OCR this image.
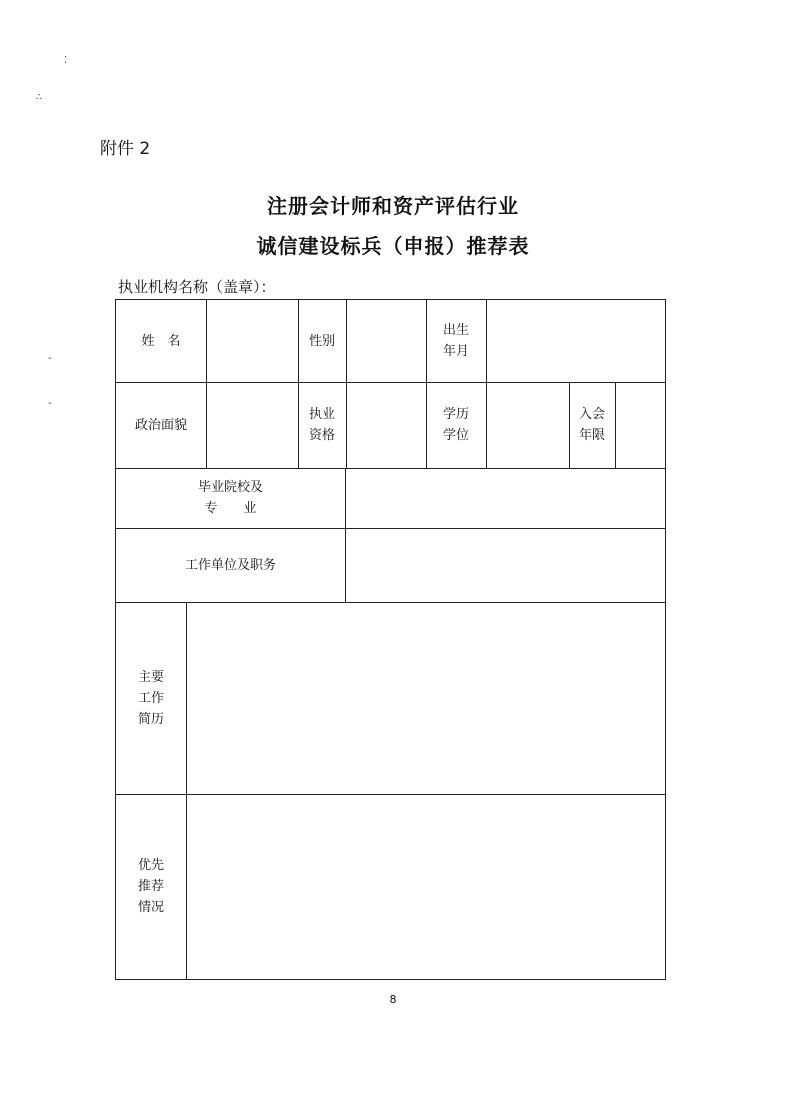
附件 2
注册会计师和资产评估行业
诚信建设标兵（申报）推荐表
执业机构名称（盖章）：
姓　名	性别
出生
年月
政治面貌
执业
资格
学历
学位
入会
年限
毕业院校及
专　　业
工作单位及职务
主要
工作
简历
优先
推荐
情况
8
⁚
∴
-
-
